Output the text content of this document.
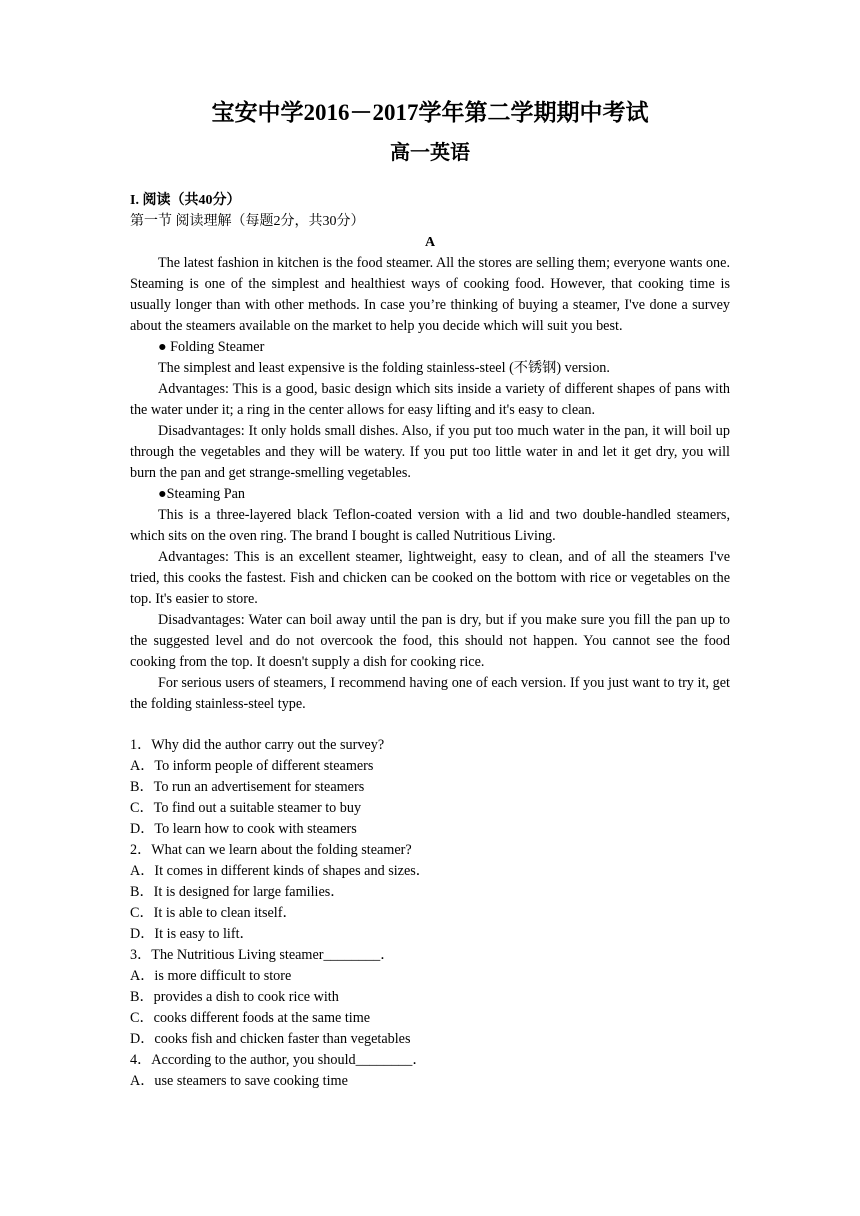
宝安中学2016－2017学年第二学期期中考试
高一英语

I. 阅读（共40分）

第一节 阅读理解（每题2分，共30分）

A

The latest fashion in kitchen is the food steamer. All the stores are selling them; everyone wants one. Steaming is one of the simplest and healthiest ways of cooking food. However, that cooking time is usually longer than with other methods. In case you’re thinking of buying a steamer, I've done a survey about the steamers available on the market to help you decide which will suit you best.

● Folding Steamer

The simplest and least expensive is the folding stainless-steel (不锈钢) version.

Advantages: This is a good, basic design which sits inside a variety of different shapes of pans with the water under it; a ring in the center allows for easy lifting and it's easy to clean.

Disadvantages: It only holds small dishes. Also, if you put too much water in the pan, it will boil up through the vegetables and they will be watery. If you put too little water in and let it get dry, you will burn the pan and get strange-smelling vegetables.

●Steaming Pan

This is a three-layered black Teflon-coated version with a lid and two double-handled steamers, which sits on the oven ring. The brand I bought is called Nutritious Living.

Advantages: This is an excellent steamer, lightweight, easy to clean, and of all the steamers I've tried, this cooks the fastest. Fish and chicken can be cooked on the bottom with rice or vegetables on the top. It's easier to store.

Disadvantages: Water can boil away until the pan is dry, but if you make sure you fill the pan up to the suggested level and do not overcook the food, this should not happen. You cannot see the food cooking from the top. It doesn't supply a dish for cooking rice.

For serious users of steamers, I recommend having one of each version. If you just want to try it, get the folding stainless-steel type.

1．Why did the author carry out the survey?

A．To inform people of different steamers

B．To run an advertisement for steamers

C．To find out a suitable steamer to buy

D．To learn how to cook with steamers

2．What can we learn about the folding steamer?

A．It comes in different kinds of shapes and sizes．

B．It is designed for large families．

C．It is able to clean itself．

D．It is easy to lift．

3．The Nutritious Living steamer________．

A．is more difficult to store

B．provides a dish to cook rice with

C．cooks different foods at the same time

D．cooks fish and chicken faster than vegetables

4．According to the author, you should________．

A．use steamers to save cooking time
